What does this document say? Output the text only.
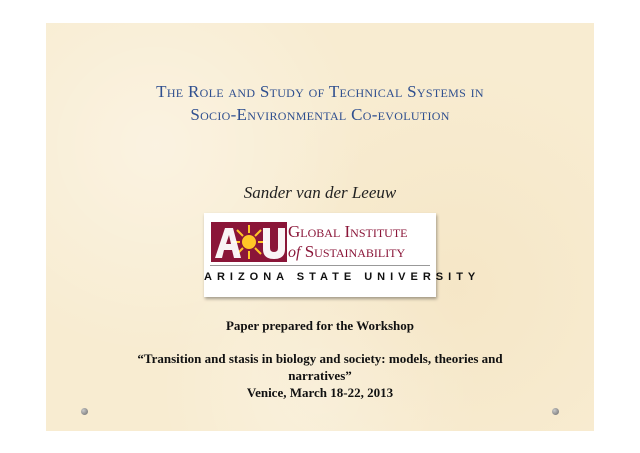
The Role and Study of Technical Systems in
Socio-Environmental Co-evolution
Sander van der Leeuw
Global Institute
of Sustainability
ARIZONA STATE UNIVERSITY
Paper prepared for the Workshop
“Transition and stasis in biology and society: models, theories and
narratives”
Venice, March 18-22, 2013
